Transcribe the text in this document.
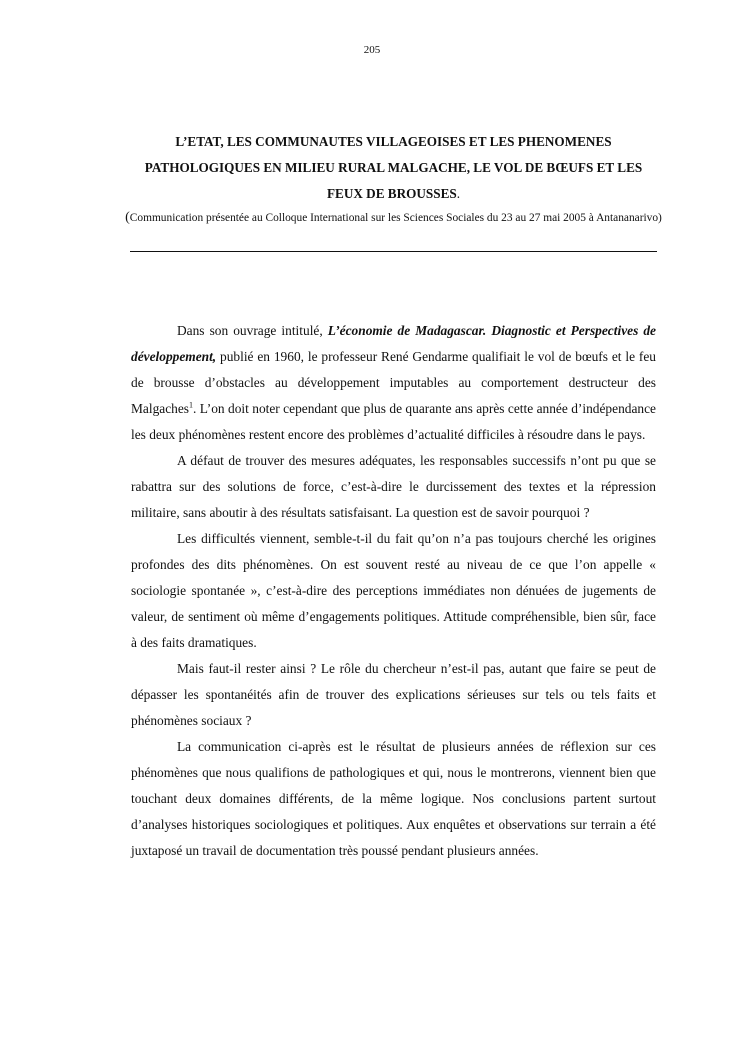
205
L’ETAT, LES COMMUNAUTES VILLAGEOISES ET LES PHENOMENES PATHOLOGIQUES EN MILIEU RURAL MALGACHE, LE VOL DE BŒUFS ET LES FEUX DE BROUSSES.

(Communication présentée au Colloque International sur les Sciences Sociales du 23 au 27 mai 2005 à Antananarivo)

Dans son ouvrage intitulé, L’économie de Madagascar. Diagnostic et Perspectives de développement, publié en 1960, le professeur René Gendarme qualifiait le vol de bœufs et le feu de brousse d’obstacles au développement imputables au comportement destructeur des Malgaches$^1$. L’on doit noter cependant que plus de quarante ans après cette année d’indépendance les deux phénomènes restent encore des problèmes d’actualité difficiles à résoudre dans le pays.

A défaut de trouver des mesures adéquates, les responsables successifs n’ont pu que se rabattra sur des solutions de force, c’est-à-dire le durcissement des textes et la répression militaire, sans aboutir à des résultats satisfaisant. La question est de savoir pourquoi ?

Les difficultés viennent, semble-t-il du fait qu’on n’a pas toujours cherché les origines profondes des dits phénomènes. On est souvent resté au niveau de ce que l’on appelle « sociologie spontanée », c’est-à-dire des perceptions immédiates non dénuées de jugements de valeur, de sentiment où même d’engagements politiques. Attitude compréhensible, bien sûr, face à des faits dramatiques.

Mais faut-il rester ainsi ? Le rôle du chercheur n’est-il pas, autant que faire se peut de dépasser les spontanéités afin de trouver des explications sérieuses sur tels ou tels faits et phénomènes sociaux ?

La communication ci-après est le résultat de plusieurs années de réflexion sur ces phénomènes que nous qualifions de pathologiques et qui, nous le montrerons, viennent bien que touchant deux domaines différents, de la même logique. Nos conclusions partent surtout d’analyses historiques sociologiques et politiques. Aux enquêtes et observations sur terrain a été juxtaposé un travail de documentation très poussé pendant plusieurs années.
